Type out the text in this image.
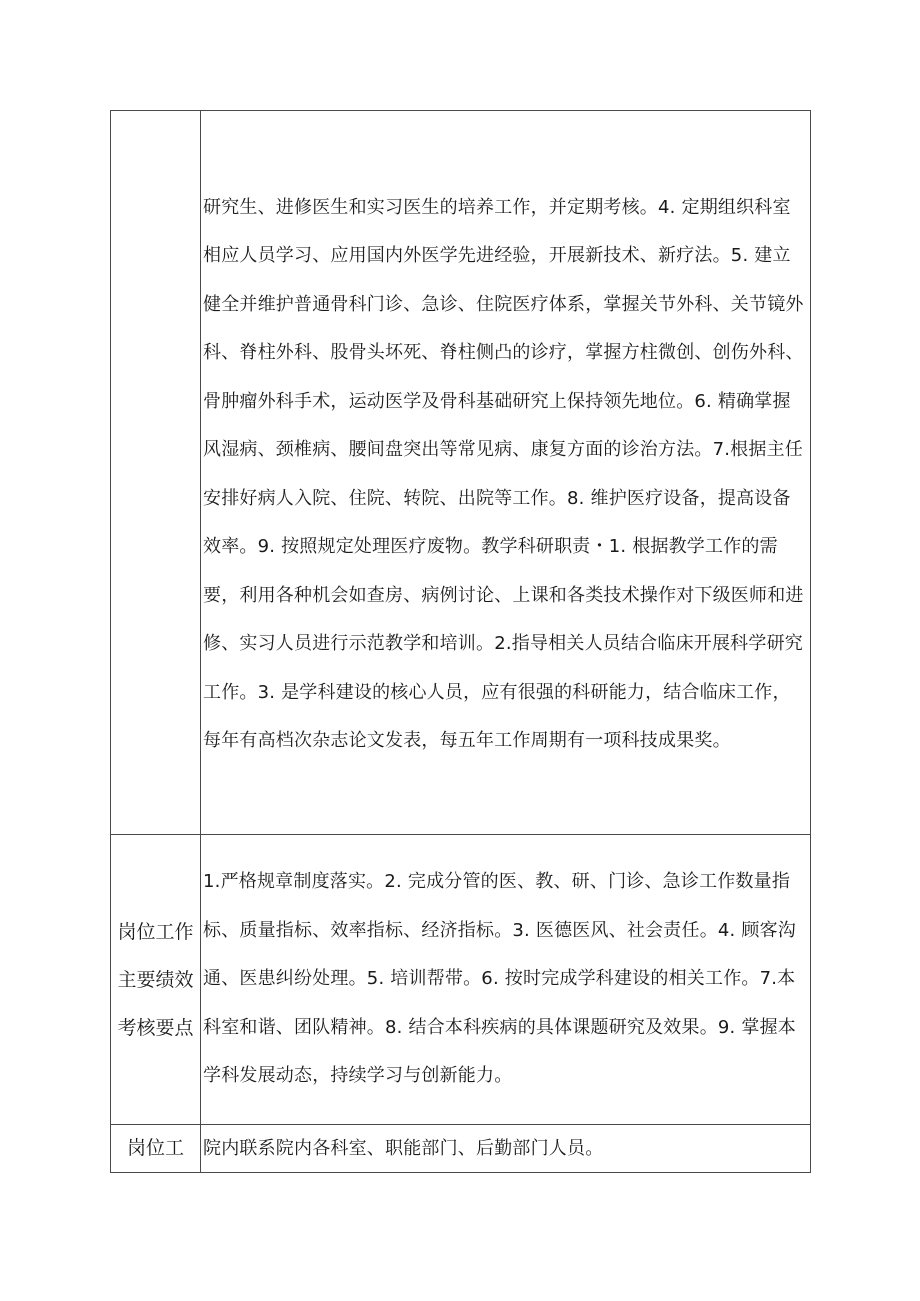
	研究生、进修医生和实习医生的培养工作，并定期考核。4. 定期组织科室相应人员学习、应用国内外医学先进经验，开展新技术、新疗法。5. 建立健全并维护普通骨科门诊、急诊、住院医疗体系，掌握关节外科、关节镜外科、脊柱外科、股骨头坏死、脊柱侧凸的诊疗，掌握方柱微创、创伤外科、骨肿瘤外科手术，运动医学及骨科基础研究上保持领先地位。6. 精确掌握风湿病、颈椎病、腰间盘突出等常见病、康复方面的诊治方法。7.根据主任安排好病人入院、住院、转院、出院等工作。8. 维护医疗设备，提高设备效率。9. 按照规定处理医疗废物。教学科研职责・1. 根据教学工作的需要，利用各种机会如查房、病例讨论、上课和各类技术操作对下级医师和进修、实习人员进行示范教学和培训。2.指导相关人员结合临床开展科学研究工作。3. 是学科建设的核心人员，应有很强的科研能力，结合临床工作，每年有高档次杂志论文发表，每五年工作周期有一项科技成果奖。

岗位工作主要绩效考核要点	1.严格规章制度落实。2. 完成分管的医、教、研、门诊、急诊工作数量指标、质量指标、效率指标、经济指标。3. 医德医风、社会责任。4. 顾客沟通、医患纠纷处理。5. 培训帮带。6. 按时完成学科建设的相关工作。7.本科室和谐、团队精神。8. 结合本科疾病的具体课题研究及效果。9. 掌握本学科发展动态，持续学习与创新能力。

岗位工	院内联系院内各科室、职能部门、后勤部门人员。
